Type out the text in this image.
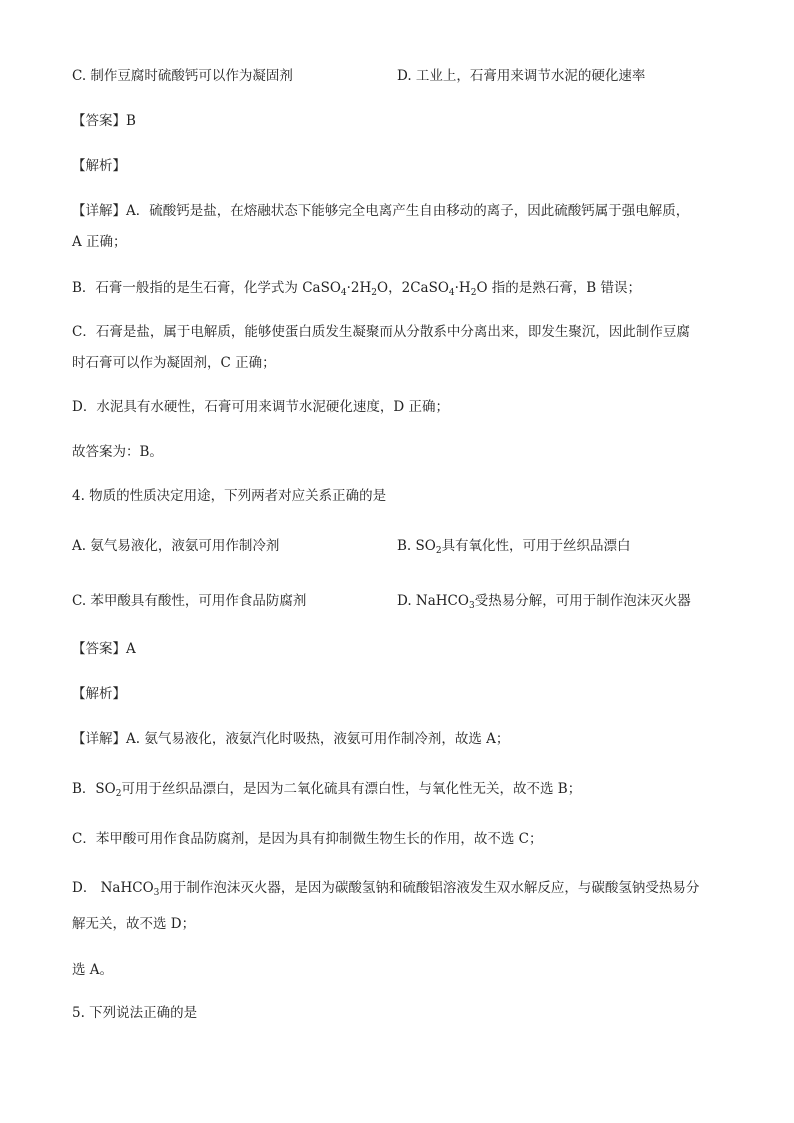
C. 制作豆腐时硫酸钙可以作为凝固剂	D. 工业上，石膏用来调节水泥的硬化速率
【答案】B
【解析】
【详解】A．硫酸钙是盐，在熔融状态下能够完全电离产生自由移动的离子，因此硫酸钙属于强电解质，
A 正确；
B．石膏一般指的是生石膏，化学式为 $CaSO_4\cdot 2H_2O$，$2CaSO_4\cdot H_2O$ 指的是熟石膏，B 错误；
C．石膏是盐，属于电解质，能够使蛋白质发生凝聚而从分散系中分离出来，即发生聚沉，因此制作豆腐
时石膏可以作为凝固剂，C 正确；
D．水泥具有水硬性，石膏可用来调节水泥硬化速度，D 正确；
故答案为：B。
4. 物质的性质决定用途，下列两者对应关系正确的是
A. 氨气易液化，液氨可用作制冷剂	B. $SO_2$具有氧化性，可用于丝织品漂白
C. 苯甲酸具有酸性，可用作食品防腐剂	D. NaHCO$_3$受热易分解，可用于制作泡沫灭火器
【答案】A
【解析】
【详解】A. 氨气易液化，液氨汽化时吸热，液氨可用作制冷剂，故选 A；
B．$SO_2$可用于丝织品漂白，是因为二氧化硫具有漂白性，与氧化性无关，故不选 B；
C．苯甲酸可用作食品防腐剂，是因为具有抑制微生物生长的作用，故不选 C；
D． NaHCO$_3$用于制作泡沫灭火器，是因为碳酸氢钠和硫酸铝溶液发生双水解反应，与碳酸氢钠受热易分
解无关，故不选 D；
选 A。
5. 下列说法正确的是
